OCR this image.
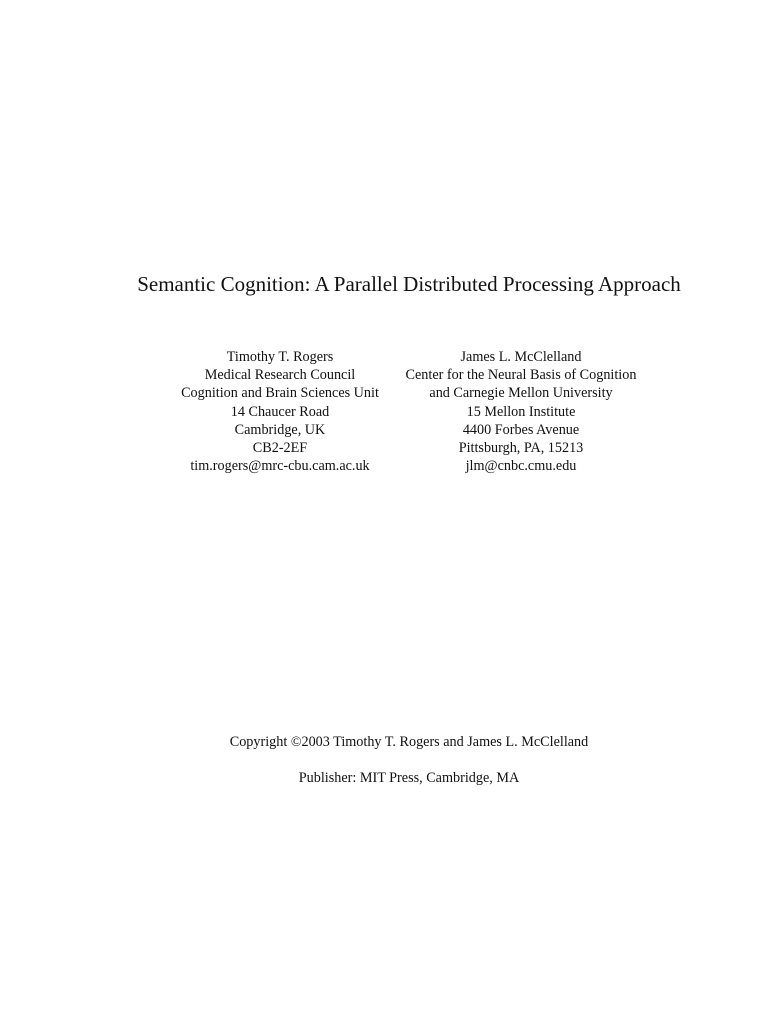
Semantic Cognition: A Parallel Distributed Processing Approach
Timothy T. Rogers
Medical Research Council
Cognition and Brain Sciences Unit
14 Chaucer Road
Cambridge, UK
CB2-2EF
tim.rogers@mrc-cbu.cam.ac.uk
James L. McClelland
Center for the Neural Basis of Cognition
and Carnegie Mellon University
15 Mellon Institute
4400 Forbes Avenue
Pittsburgh, PA, 15213
jlm@cnbc.cmu.edu
Copyright ©2003 Timothy T. Rogers and James L. McClelland
Publisher: MIT Press, Cambridge, MA
